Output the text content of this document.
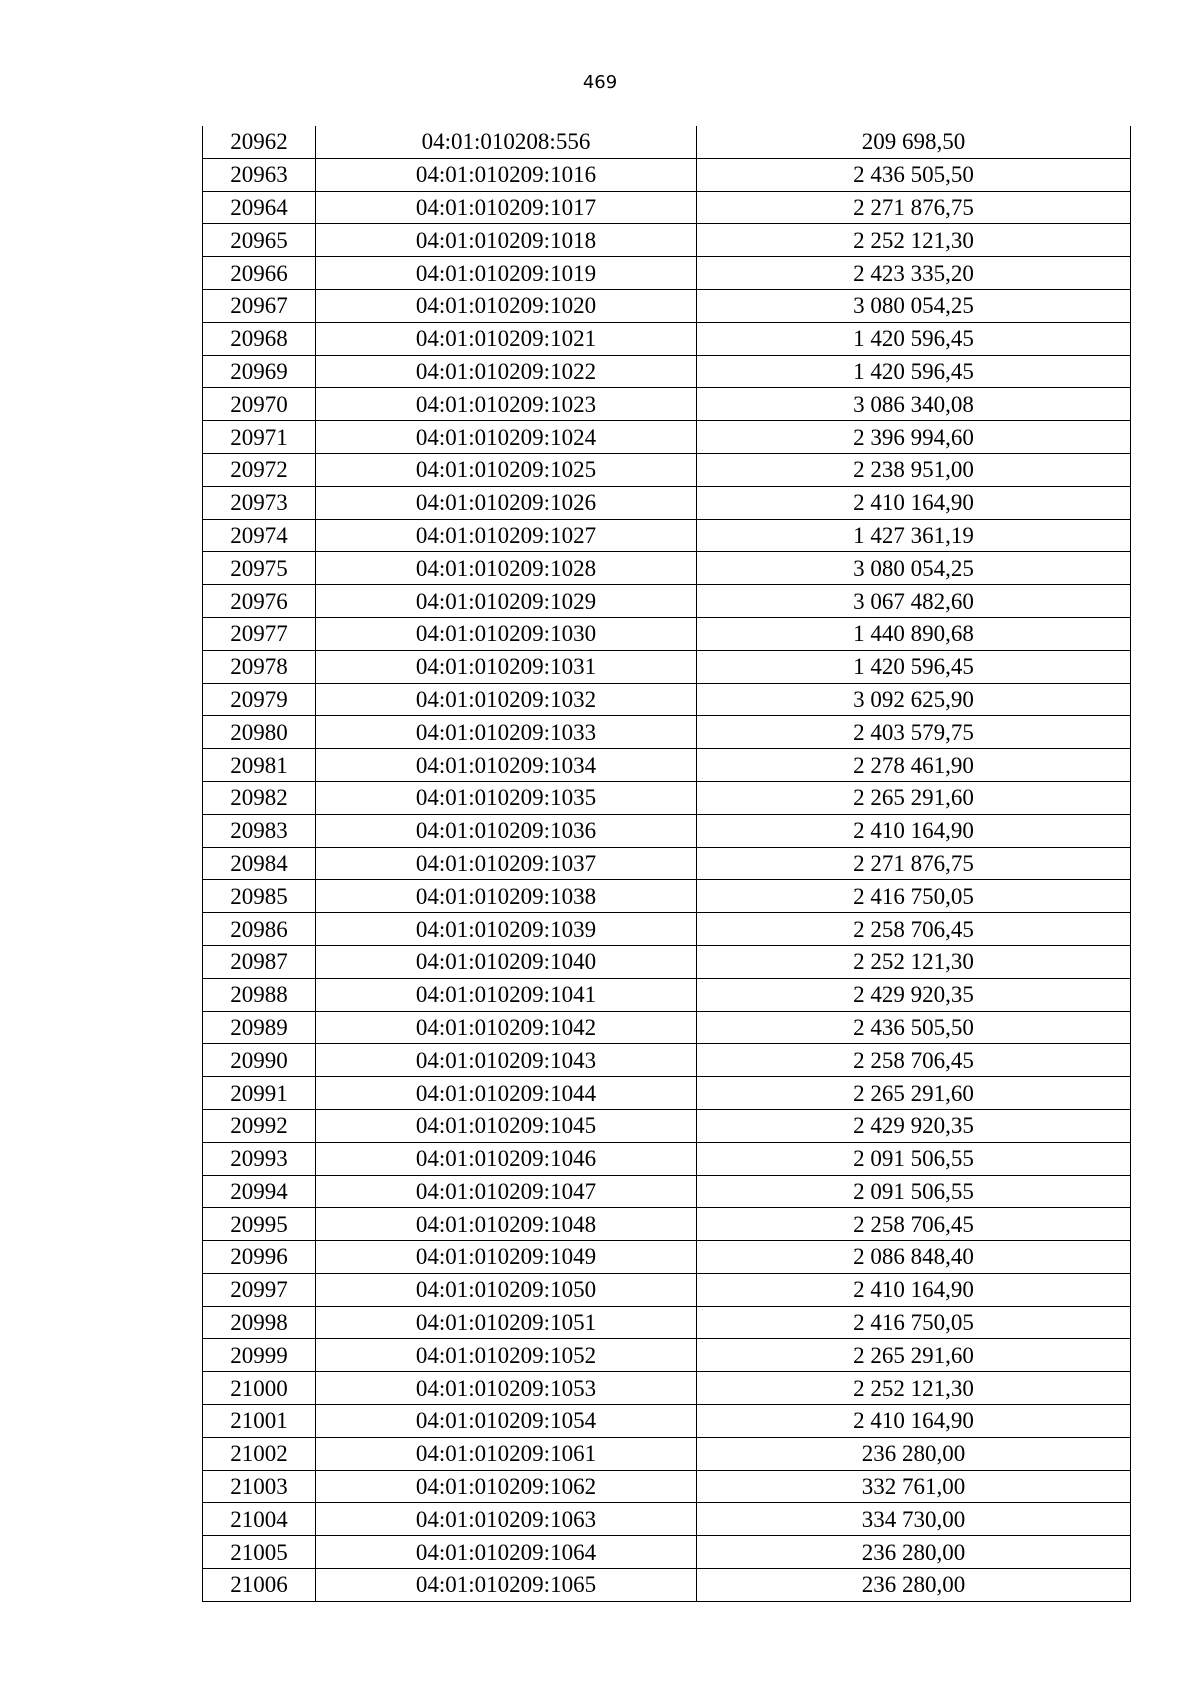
469
20962	04:01:010208:556	209 698,50
20963	04:01:010209:1016	2 436 505,50
20964	04:01:010209:1017	2 271 876,75
20965	04:01:010209:1018	2 252 121,30
20966	04:01:010209:1019	2 423 335,20
20967	04:01:010209:1020	3 080 054,25
20968	04:01:010209:1021	1 420 596,45
20969	04:01:010209:1022	1 420 596,45
20970	04:01:010209:1023	3 086 340,08
20971	04:01:010209:1024	2 396 994,60
20972	04:01:010209:1025	2 238 951,00
20973	04:01:010209:1026	2 410 164,90
20974	04:01:010209:1027	1 427 361,19
20975	04:01:010209:1028	3 080 054,25
20976	04:01:010209:1029	3 067 482,60
20977	04:01:010209:1030	1 440 890,68
20978	04:01:010209:1031	1 420 596,45
20979	04:01:010209:1032	3 092 625,90
20980	04:01:010209:1033	2 403 579,75
20981	04:01:010209:1034	2 278 461,90
20982	04:01:010209:1035	2 265 291,60
20983	04:01:010209:1036	2 410 164,90
20984	04:01:010209:1037	2 271 876,75
20985	04:01:010209:1038	2 416 750,05
20986	04:01:010209:1039	2 258 706,45
20987	04:01:010209:1040	2 252 121,30
20988	04:01:010209:1041	2 429 920,35
20989	04:01:010209:1042	2 436 505,50
20990	04:01:010209:1043	2 258 706,45
20991	04:01:010209:1044	2 265 291,60
20992	04:01:010209:1045	2 429 920,35
20993	04:01:010209:1046	2 091 506,55
20994	04:01:010209:1047	2 091 506,55
20995	04:01:010209:1048	2 258 706,45
20996	04:01:010209:1049	2 086 848,40
20997	04:01:010209:1050	2 410 164,90
20998	04:01:010209:1051	2 416 750,05
20999	04:01:010209:1052	2 265 291,60
21000	04:01:010209:1053	2 252 121,30
21001	04:01:010209:1054	2 410 164,90
21002	04:01:010209:1061	236 280,00
21003	04:01:010209:1062	332 761,00
21004	04:01:010209:1063	334 730,00
21005	04:01:010209:1064	236 280,00
21006	04:01:010209:1065	236 280,00
